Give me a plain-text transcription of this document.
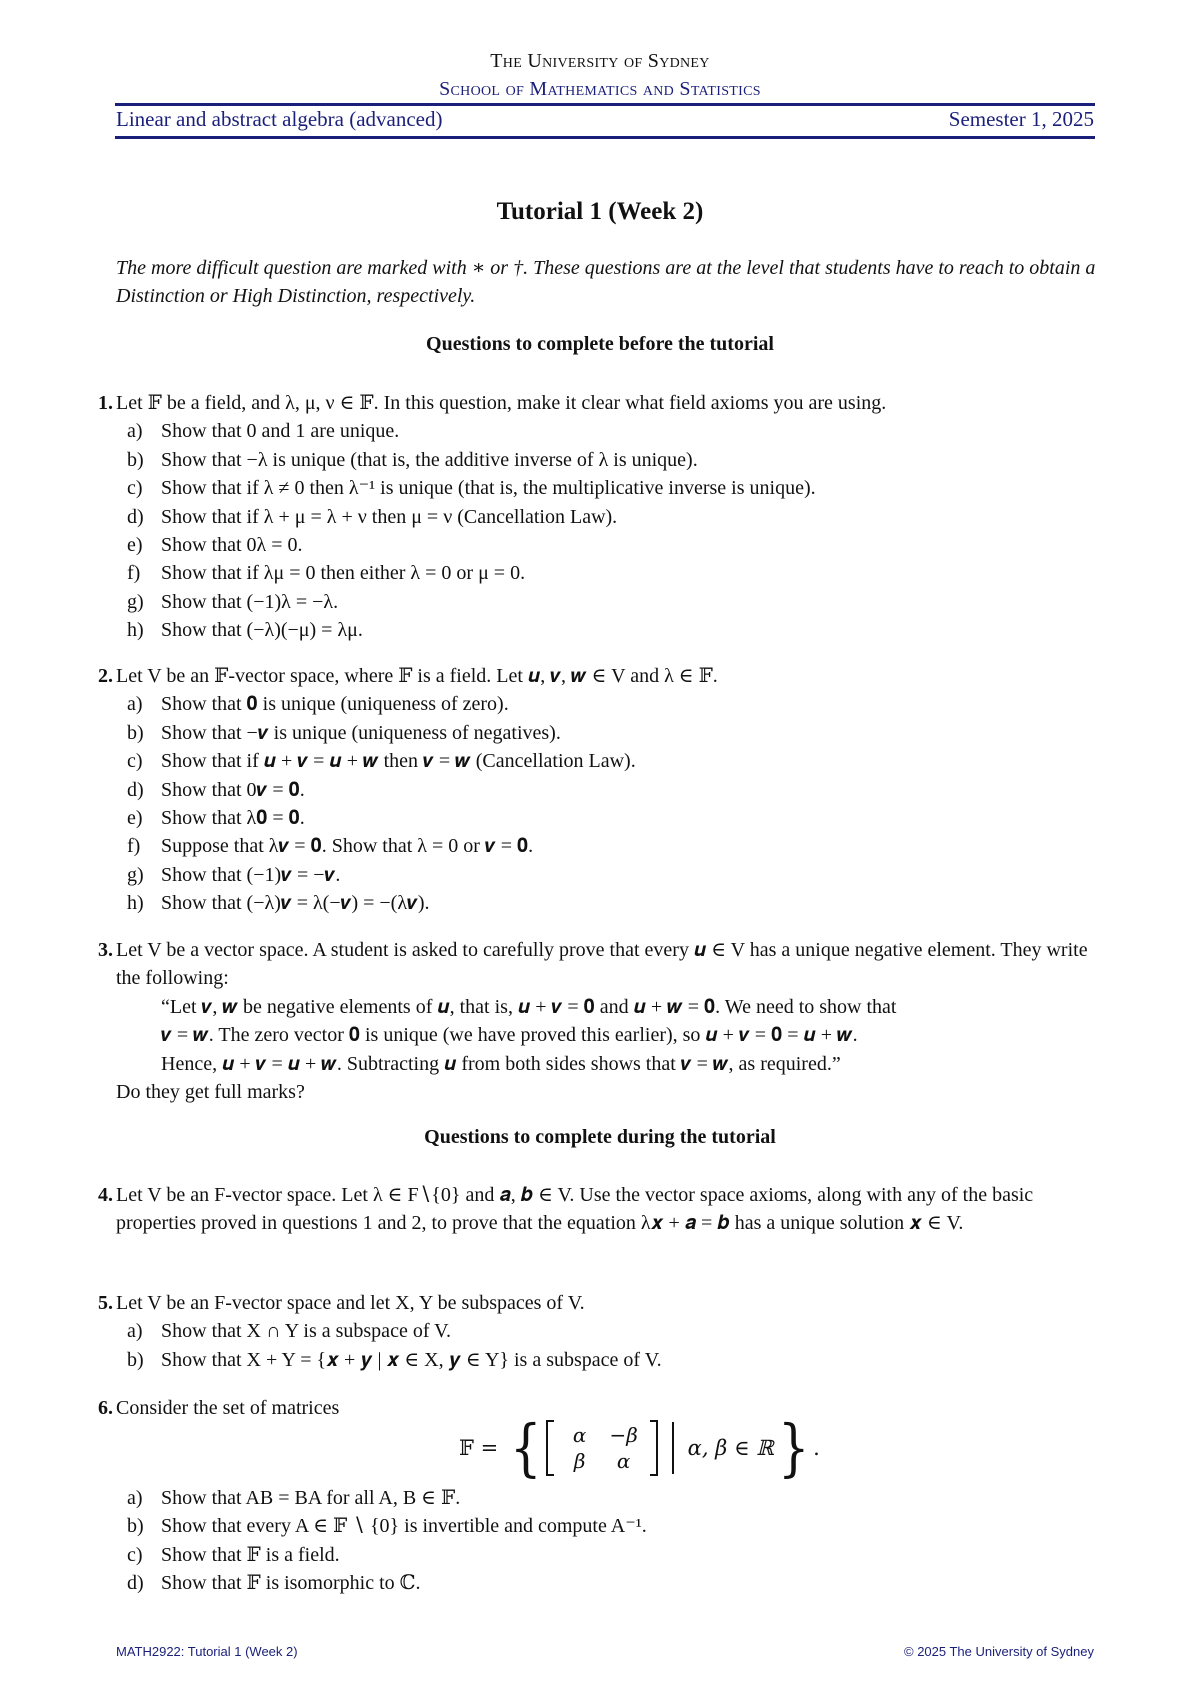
The University of Sydney
School of Mathematics and Statistics
Linear and abstract algebra (advanced)	Semester 1, 2025
Tutorial 1 (Week 2)
The more difficult question are marked with ∗ or †. These questions are at the level that students have to reach to obtain a Distinction or High Distinction, respectively.
Questions to complete before the tutorial
1. Let 𝔽 be a field, and λ, μ, ν ∈ 𝔽. In this question, make it clear what field axioms you are using.
a) Show that 0 and 1 are unique.
b) Show that −λ is unique (that is, the additive inverse of λ is unique).
c) Show that if λ ≠ 0 then λ⁻¹ is unique (that is, the multiplicative inverse is unique).
d) Show that if λ + μ = λ + ν then μ = ν (Cancellation Law).
e) Show that 0λ = 0.
f)	Show that if λμ = 0 then either λ = 0 or μ = 0.
g) Show that (−1)λ = −λ.
h) Show that (−λ)(−μ) = λμ.
2. Let V be an 𝔽-vector space, where 𝔽 is a field. Let 𝒖, 𝒗, 𝒘 ∈ V and λ ∈ 𝔽.
a) Show that 𝟎 is unique (uniqueness of zero).
b) Show that −𝒗 is unique (uniqueness of negatives).
c) Show that if 𝒖 + 𝒗 = 𝒖 + 𝒘 then 𝒗 = 𝒘 (Cancellation Law).
d) Show that 0𝒗 = 𝟎.
e) Show that λ𝟎 = 𝟎.
f)	Suppose that λ𝒗 = 𝟎. Show that λ = 0 or 𝒗 = 𝟎.
g) Show that (−1)𝒗 = −𝒗.
h) Show that (−λ)𝒗 = λ(−𝒗) = −(λ𝒗).
3. Let V be a vector space. A student is asked to carefully prove that every 𝒖 ∈ V has a unique negative element. They write the following:
“Let 𝒗, 𝒘 be negative elements of 𝒖, that is, 𝒖 + 𝒗 = 𝟎 and 𝒖 + 𝒘 = 𝟎. We need to show that
𝒗 = 𝒘. The zero vector 𝟎 is unique (we have proved this earlier), so 𝒖 + 𝒗 = 𝟎 = 𝒖 + 𝒘.
Hence, 𝒖 + 𝒗 = 𝒖 + 𝒘. Subtracting 𝒖 from both sides shows that 𝒗 = 𝒘, as required.”
Do they get full marks?
Questions to complete during the tutorial
4. Let V be an F-vector space. Let λ ∈ F∖{0} and 𝒂, 𝒃 ∈ V. Use the vector space axioms, along with any of the basic properties proved in questions 1 and 2, to prove that the equation λ𝒙 + 𝒂 = 𝒃 has a unique solution 𝒙 ∈ V.
5. Let V be an F-vector space and let X, Y be subspaces of V.
a) Show that X ∩ Y is a subspace of V.
b) Show that X + Y = {𝒙 + 𝒚 | 𝒙 ∈ X, 𝒚 ∈ Y} is a subspace of V.
6. Consider the set of matrices
𝔽 = {	α	−β
β	α
α, β ∈ ℝ } .
a) Show that AB = BA for all A, B ∈ 𝔽.
b) Show that every A ∈ 𝔽 ∖ {0} is invertible and compute A⁻¹.
c) Show that 𝔽 is a field.
d) Show that 𝔽 is isomorphic to ℂ.
MATH2922: Tutorial 1 (Week 2)	© 2025 The University of Sydney
